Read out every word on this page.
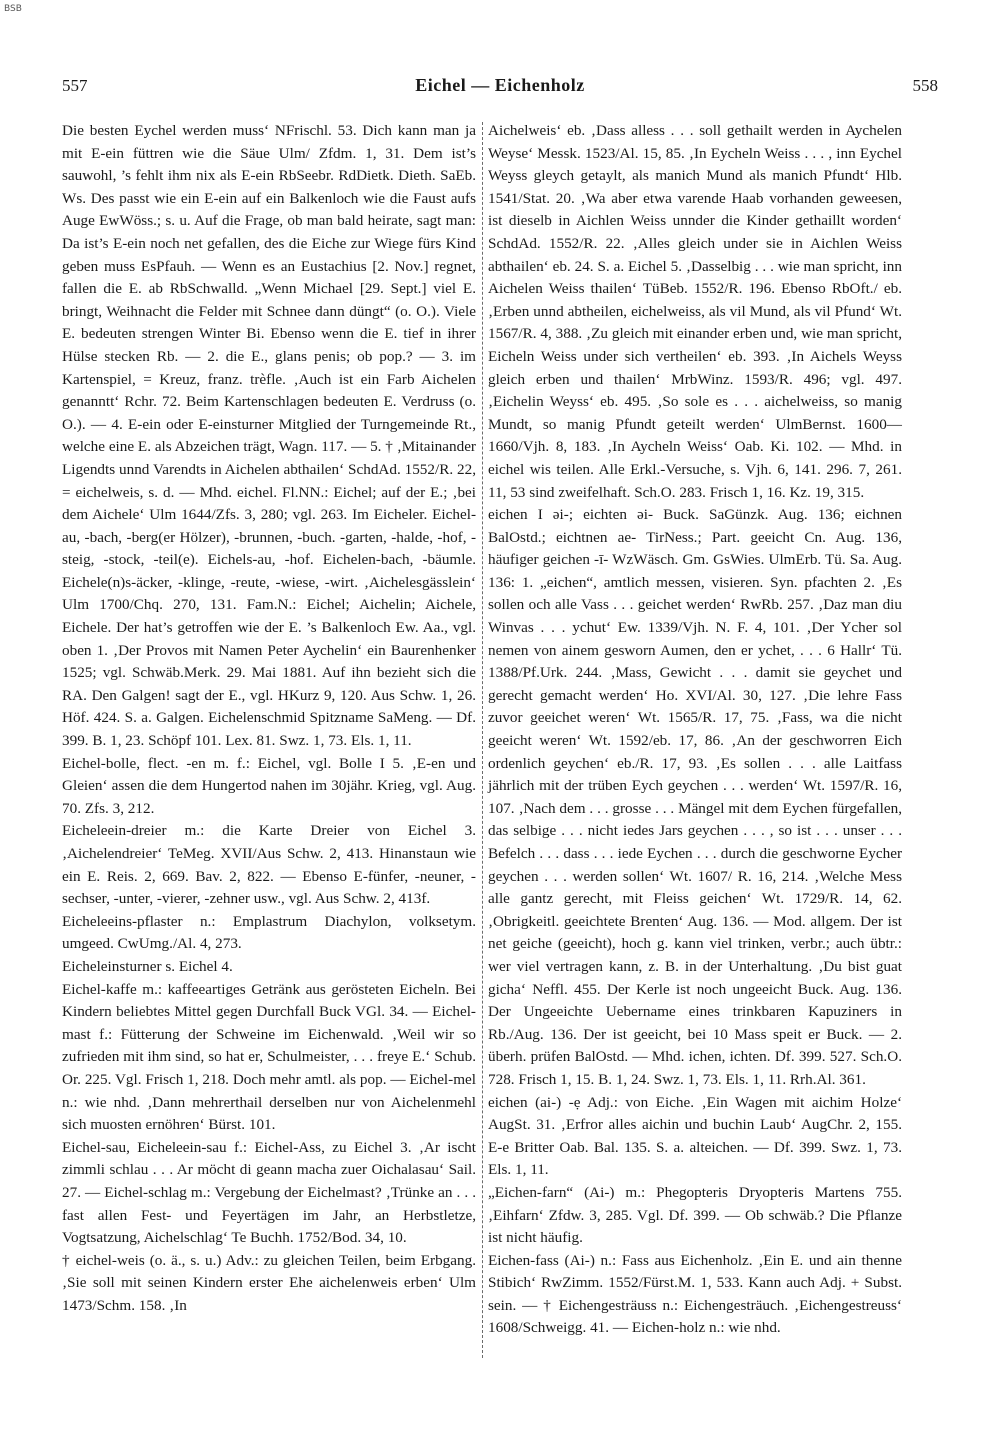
BSB
557	Eichel — Eichenholz	558

Die besten Eychel werden muss‘ NFrischl. 53. Dich kann man ja mit E-ein füttren wie die Säue Ulm/ Zfdm. 1, 31. Dem ist’s sauwohl, ’s fehlt ihm nix als E-ein RbSeebr. RdDietk. Dieth. SaEb. Ws. Des passt wie ein E-ein auf ein Balkenloch wie die Faust aufs Auge EwWöss.; s. u. Auf die Frage, ob man bald heirate, sagt man: Da ist’s E-ein noch net gefallen, des die Eiche zur Wiege fürs Kind geben muss EsPfauh. — Wenn es an Eustachius [2. Nov.] regnet, fallen die E. ab RbSchwalld. „Wenn Michael [29. Sept.] viel E. bringt, Weihnacht die Felder mit Schnee dann düngt“ (o. O.). Viele E. bedeuten strengen Winter Bi. Ebenso wenn die E. tief in ihrer Hülse stecken Rb. — 2. die E., glans penis; ob pop.? — 3. im Kartenspiel, = Kreuz, franz. trèfle. ‚Auch ist ein Farb Aichelen genanntt‘ Rchr. 72. Beim Kartenschlagen bedeuten E. Verdruss (o. O.). — 4. E-ein oder E-einsturner Mitglied der Turngemeinde Rt., welche eine E. als Abzeichen trägt, Wagn. 117. — 5. † ‚Mitainander Ligendts unnd Varendts in Aichelen abthailen‘ SchdAd. 1552/R. 22, = eichelweis, s. d. — Mhd. eichel. Fl.NN.: Eichel; auf der E.; ‚bei dem Aichele‘ Ulm 1644/Zfs. 3, 280; vgl. 263. Im Eicheler. Eichel-au, -bach, -berg(er Hölzer), -brunnen, -buch. -garten, -halde, -hof, -steig, -stock, -teil(e). Eichels-au, -hof. Eichelen-bach, -bäumle. Eichele(n)s-äcker, -klinge, -reute, -wiese, -wirt. ‚Aichelesgässlein‘ Ulm 1700/Chq. 270, 131. Fam.N.: Eichel; Aichelin; Aichele, Eichele. Der hat’s getroffen wie der E. ’s Balkenloch Ew. Aa., vgl. oben 1. ‚Der Provos mit Namen Peter Aychelin‘ ein Baurenhenker 1525; vgl. Schwäb.Merk. 29. Mai 1881. Auf ihn bezieht sich die RA. Den Galgen! sagt der E., vgl. HKurz 9, 120. Aus Schw. 1, 26. Höf. 424. S. a. Galgen. Eichelenschmid Spitzname SaMeng. — Df. 399. B. 1, 23. Schöpf 101. Lex. 81. Swz. 1, 73. Els. 1, 11.

Eichel-bolle, flect. -en m. f.: Eichel, vgl. Bolle I 5. ‚E-en und Gleien‘ assen die dem Hungertod nahen im 30jähr. Krieg, vgl. Aug. 70. Zfs. 3, 212.

Eicheleein-dreier m.: die Karte Dreier von Eichel 3. ‚Aichelendreier‘ TeMeg. XVII/Aus Schw. 2, 413. Hinanstaun wie ein E. Reis. 2, 669. Bav. 2, 822. — Ebenso E-fünfer, -neuner, -sechser, -unter, -vierer, -zehner usw., vgl. Aus Schw. 2, 413f.

Eicheleeins-pflaster n.: Emplastrum Diachylon, volksetym. umgeed. CwUmg./Al. 4, 273.

Eicheleinsturner s. Eichel 4.

Eichel-kaffe m.: kaffeeartiges Getränk aus gerösteten Eicheln. Bei Kindern beliebtes Mittel gegen Durchfall Buck VGl. 34. — Eichel-mast f.: Fütterung der Schweine im Eichenwald. ‚Weil wir so zufrieden mit ihm sind, so hat er, Schulmeister, . . . freye E.‘ Schub. Or. 225. Vgl. Frisch 1, 218. Doch mehr amtl. als pop. — Eichel-mel n.: wie nhd. ‚Dann mehrerthail derselben nur von Aichelenmehl sich muosten ernöhren‘ Bürst. 101.

Eichel-sau, Eicheleein-sau f.: Eichel-Ass, zu Eichel 3. ‚Ar ischt zimmli schlau . . . Ar möcht di geann macha zuer Oichalasau‘ Sail. 27. — Eichel-schlag m.: Vergebung der Eichelmast? ‚Trünke an . . . fast allen Fest- und Feyertägen im Jahr, an Herbstletze, Vogtsatzung, Aichelschlag‘ Te Buchh. 1752/Bod. 34, 10.

† eichel-weis (o. ä., s. u.) Adv.: zu gleichen Teilen, beim Erbgang. ‚Sie soll mit seinen Kindern erster Ehe aichelenweis erben‘ Ulm 1473/Schm. 158. ‚In

Aichelweis‘ eb. ‚Dass alless . . . soll gethailt werden in Aychelen Weyse‘ Messk. 1523/Al. 15, 85. ‚In Eycheln Weiss . . . , inn Eychel Weyss gleych getaylt, als manich Mund als manich Pfundt‘ Hlb. 1541/Stat. 20. ‚Wa aber etwa varende Haab vorhanden geweesen, ist dieselb in Aichlen Weiss unnder die Kinder gethaillt worden‘ SchdAd. 1552/R. 22. ‚Alles gleich under sie in Aichlen Weiss abthailen‘ eb. 24. S. a. Eichel 5. ‚Dasselbig . . . wie man spricht, inn Aichelen Weiss thailen‘ TüBeb. 1552/R. 196. Ebenso RbOft./ eb. ‚Erben unnd abtheilen, eichelweiss, als vil Mund, als vil Pfund‘ Wt. 1567/R. 4, 388. ‚Zu gleich mit einander erben und, wie man spricht, Eicheln Weiss under sich vertheilen‘ eb. 393. ‚In Aichels Weyss gleich erben und thailen‘ MrbWinz. 1593/R. 496; vgl. 497. ‚Eichelin Weyss‘ eb. 495. ‚So sole es . . . aichelweiss, so manig Mundt, so manig Pfundt geteilt werden‘ UlmBernst. 1600—1660/Vjh. 8, 183. ‚In Aycheln Weiss‘ Oab. Ki. 102. — Mhd. in eichel wis teilen. Alle Erkl.-Versuche, s. Vjh. 6, 141. 296. 7, 261. 11, 53 sind zweifelhaft. Sch.O. 283. Frisch 1, 16. Kz. 19, 315.

eichen I əi-; eichten əi- Buck. SaGünzk. Aug. 136; eichnen BalOstd.; eichtnen ae- TirNess.; Part. geeicht Cn. Aug. 136, häufiger geichen -ī- WzWäsch. Gm. GsWies. UlmErb. Tü. Sa. Aug. 136: 1. „eichen“, amtlich messen, visieren. Syn. pfachten 2. ‚Es sollen och alle Vass . . . geichet werden‘ RwRb. 257. ‚Daz man diu Winvas . . . ychut‘ Ew. 1339/Vjh. N. F. 4, 101. ‚Der Ycher sol nemen von ainem gesworn Aumen, den er ychet, . . . 6 Hallr‘ Tü. 1388/Pf.Urk. 244. ‚Mass, Gewicht . . . damit sie geychet und gerecht gemacht werden‘ Ho. XVI/Al. 30, 127. ‚Die lehre Fass zuvor geeichet weren‘ Wt. 1565/R. 17, 75. ‚Fass, wa die nicht geeicht weren‘ Wt. 1592/eb. 17, 86. ‚An der geschworren Eich ordenlich geychen‘ eb./R. 17, 93. ‚Es sollen . . . alle Laitfass jährlich mit der trüben Eych geychen . . . werden‘ Wt. 1597/R. 16, 107. ‚Nach dem . . . grosse . . . Mängel mit dem Eychen fürgefallen, das selbige . . . nicht iedes Jars geychen . . . , so ist . . . unser . . . Befelch . . . dass . . . iede Eychen . . . durch die geschworne Eycher geychen . . . werden sollen‘ Wt. 1607/ R. 16, 214. ‚Welche Mess alle gantz gerecht, mit Fleiss geichen‘ Wt. 1729/R. 14, 62. ‚Obrigkeitl. geeichtete Brenten‘ Aug. 136. — Mod. allgem. Der ist net geiche (geeicht), hoch g. kann viel trinken, verbr.; auch übtr.: wer viel vertragen kann, z. B. in der Unterhaltung. ‚Du bist guat gicha‘ Neffl. 455. Der Kerle ist noch ungeeicht Buck. Aug. 136. Der Ungeeichte Uebername eines trinkbaren Kapuziners in Rb./Aug. 136. Der ist geeicht, bei 10 Mass speit er Buck. — 2. überh. prüfen BalOstd. — Mhd. ichen, ichten. Df. 399. 527. Sch.O. 728. Frisch 1, 15. B. 1, 24. Swz. 1, 73. Els. 1, 11. Rrh.Al. 361.

eichen (ai-) -ẹ Adj.: von Eiche. ‚Ein Wagen mit aichim Holze‘ AugSt. 31. ‚Erfror alles aichin und buchin Laub‘ AugChr. 2, 155. E-e Britter Oab. Bal. 135. S. a. alteichen. — Df. 399. Swz. 1, 73. Els. 1, 11.

„Eichen-farn“ (Ai-) m.: Phegopteris Dryopteris Martens 755. ‚Eihfarn‘ Zfdw. 3, 285. Vgl. Df. 399. — Ob schwäb.? Die Pflanze ist nicht häufig.

Eichen-fass (Ai-) n.: Fass aus Eichenholz. ‚Ein E. und ain thenne Stibich‘ RwZimm. 1552/Fürst.M. 1, 533. Kann auch Adj. + Subst. sein. — † Eichengesträuss n.: Eichengesträuch. ‚Eichengestreuss‘ 1608/Schweigg. 41. — Eichen-holz n.: wie nhd.
